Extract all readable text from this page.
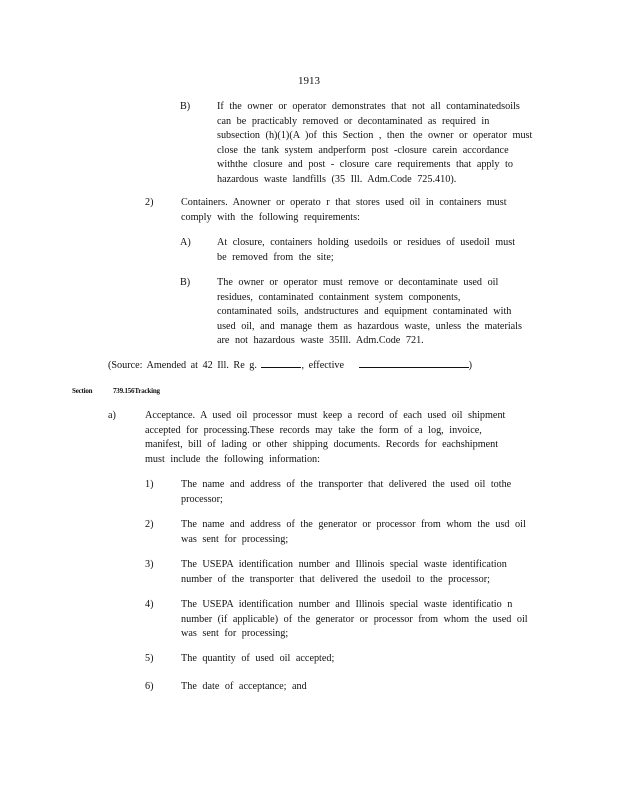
1913
B)	If the owner or operator demonstrates that not all contaminatedsoils
can be practicably removed or decontaminated as required in
subsection (h)(1)(A )of this Section , then the owner or operator must
close the tank system andperform post -closure carein accordance
withthe closure and post - closure care requirements that apply to
hazardous waste landfills (35 Ill. Adm.Code 725.410).
2)	Containers. Anowner or operato r that stores used oil in containers must
comply with the following requirements:
A)	At closure, containers holding usedoils or residues of usedoil must
be removed from the site;
B)	The owner or operator must remove or decontaminate used oil
residues, contaminated containment system components,
contaminated soils, andstructures and equipment contaminated with
used oil, and manage them as hazardous waste, unless the materials
are not hazardous waste 35Ill. Adm.Code 721.
(Source: Amended at 42 Ill. Re g.	, effective	)
Section	739.156Tracking
a)	Acceptance. A used oil processor must keep a record of each used oil shipment
accepted for processing.These records may take the form of a log, invoice,
manifest, bill of lading or other shipping documents. Records for eachshipment
must include the following information:
1)	The name and address of the transporter that delivered the used oil tothe
processor;
2)	The name and address of the generator or processor from whom the usd oil
was sent for processing;
3)	The USEPA identification number and Illinois special waste identification
number of the transporter that delivered the usedoil to the processor;
4)	The USEPA identification number and Illinois special waste identificatio n
number (if applicable) of the generator or processor from whom the used oil
was sent for processing;
5)	The quantity of used oil accepted;
6)	The date of acceptance; and
